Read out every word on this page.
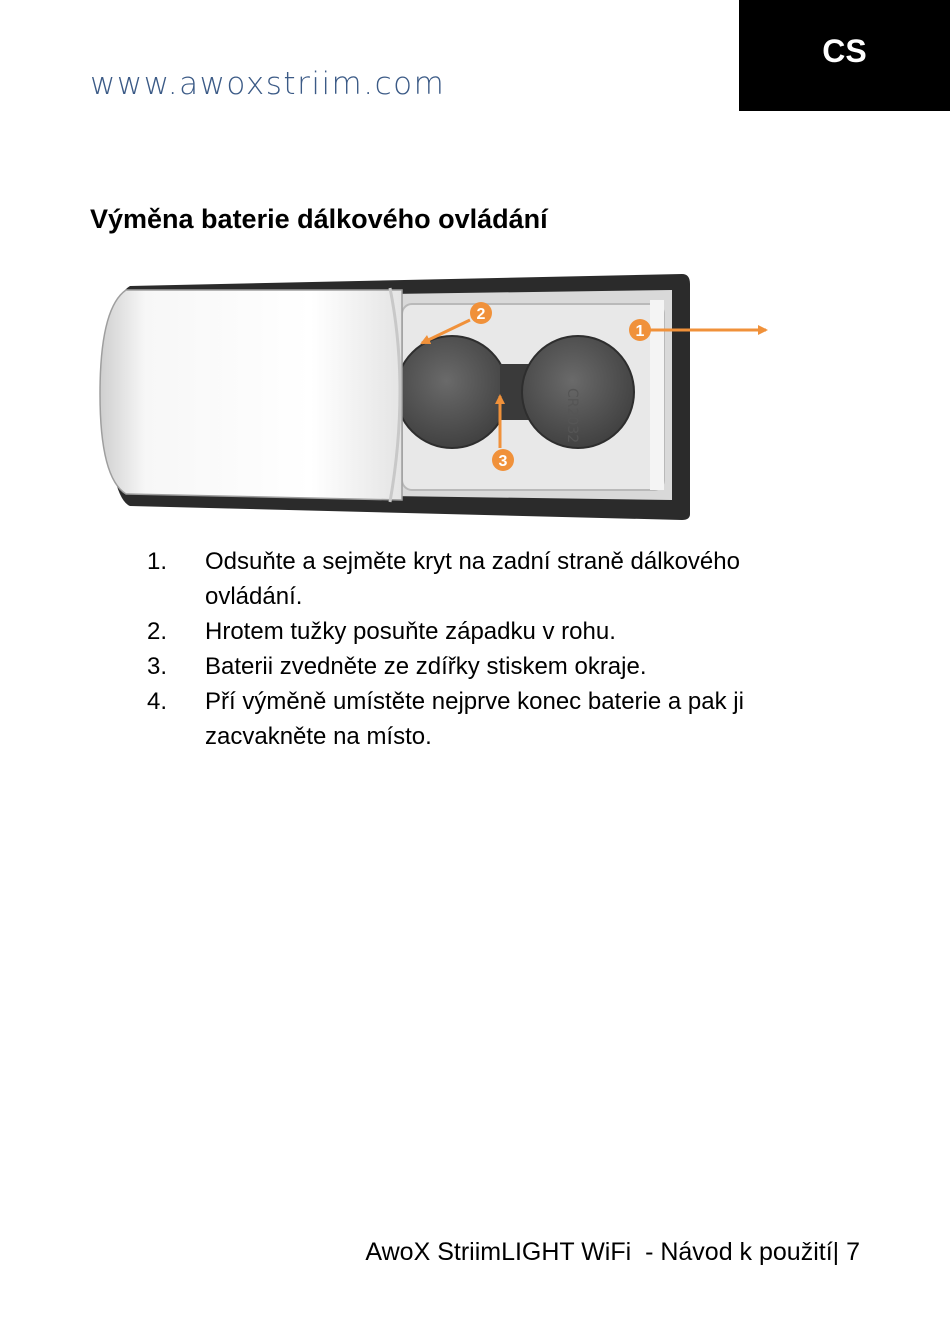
www.awoxstriim.com
CS
Výměna baterie dálkového ovládání
CR2032
1
2
3
1.	Odsuňte a sejměte kryt na zadní straně dálkového ovládání.
2.	Hrotem tužky posuňte západku v rohu.
3.	Baterii zvedněte ze zdířky stiskem okraje.
4.	Pří výměně umístěte nejprve konec baterie a pak ji zacvakněte na místo.
AwoX StriimLIGHT WiFi  - Návod k použití| 7
